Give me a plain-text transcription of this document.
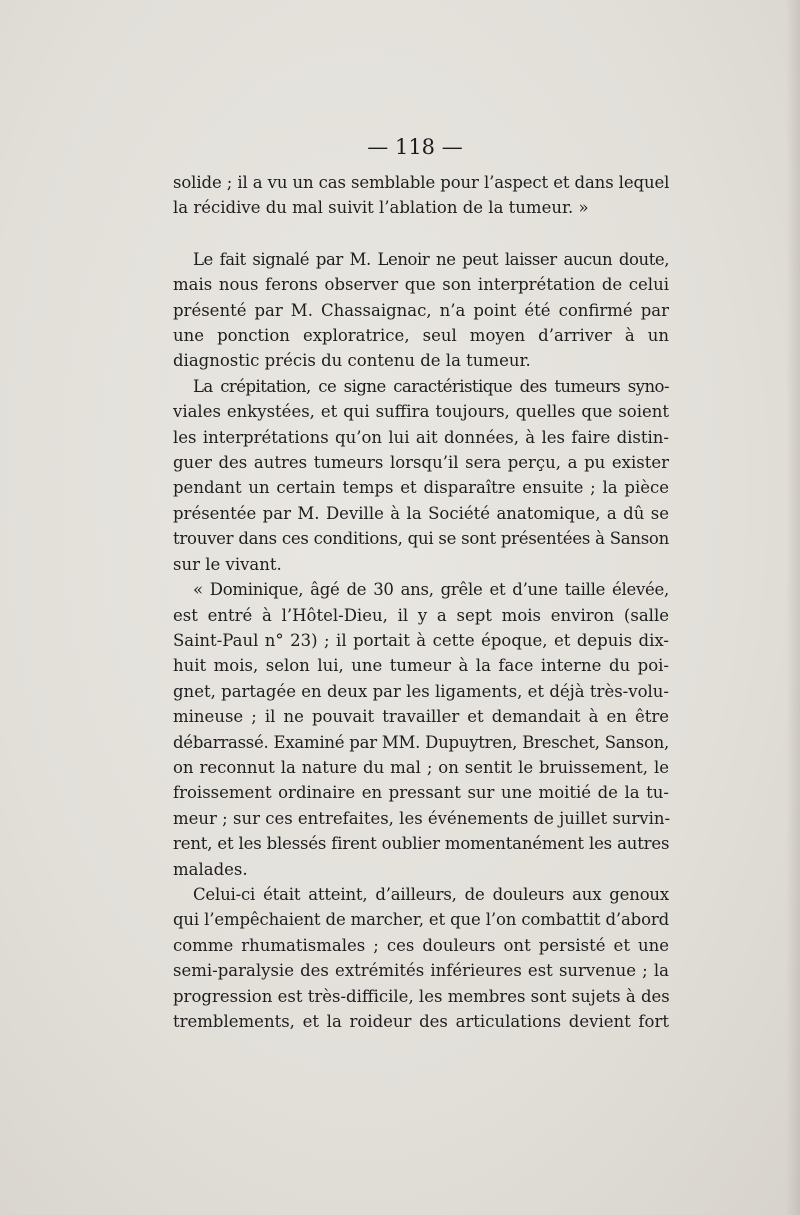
— 118 —
solide ; il a vu un cas semblable pour l’aspect et dans lequel
la récidive du mal suivit l’ablation de la tumeur. »
Le fait signalé par M. Lenoir ne peut laisser aucun doute,
mais nous ferons observer que son interprétation de celui
présenté par M. Chassaignac, n’a point été confirmé par
une ponction exploratrice, seul moyen d’arriver à un
diagnostic précis du contenu de la tumeur.
La crépitation, ce signe caractéristique des tumeurs syno-
viales enkystées, et qui suffira toujours, quelles que soient
les interprétations qu’on lui ait données, à les faire distin-
guer des autres tumeurs lorsqu’il sera perçu, a pu exister
pendant un certain temps et disparaître ensuite ; la pièce
présentée par M. Deville à la Société anatomique, a dû se
trouver dans ces conditions, qui se sont présentées à Sanson
sur le vivant.
« Dominique, âgé de 30 ans, grêle et d’une taille élevée,
est entré à l’Hôtel-Dieu, il y a sept mois environ (salle
Saint-Paul n° 23) ; il portait à cette époque, et depuis dix-
huit mois, selon lui, une tumeur à la face interne du poi-
gnet, partagée en deux par les ligaments, et déjà très-volu-
mineuse ; il ne pouvait travailler et demandait à en être
débarrassé. Examiné par MM. Dupuytren, Breschet, Sanson,
on reconnut la nature du mal ; on sentit le bruissement, le
froissement ordinaire en pressant sur une moitié de la tu-
meur ; sur ces entrefaites, les événements de juillet survin-
rent, et les blessés firent oublier momentanément les autres
malades.
Celui-ci était atteint, d’ailleurs, de douleurs aux genoux
qui l’empêchaient de marcher, et que l’on combattit d’abord
comme rhumatismales ; ces douleurs ont persisté et une
semi-paralysie des extrémités inférieures est survenue ; la
progression est très-difficile, les membres sont sujets à des
tremblements, et la roideur des articulations devient fort
